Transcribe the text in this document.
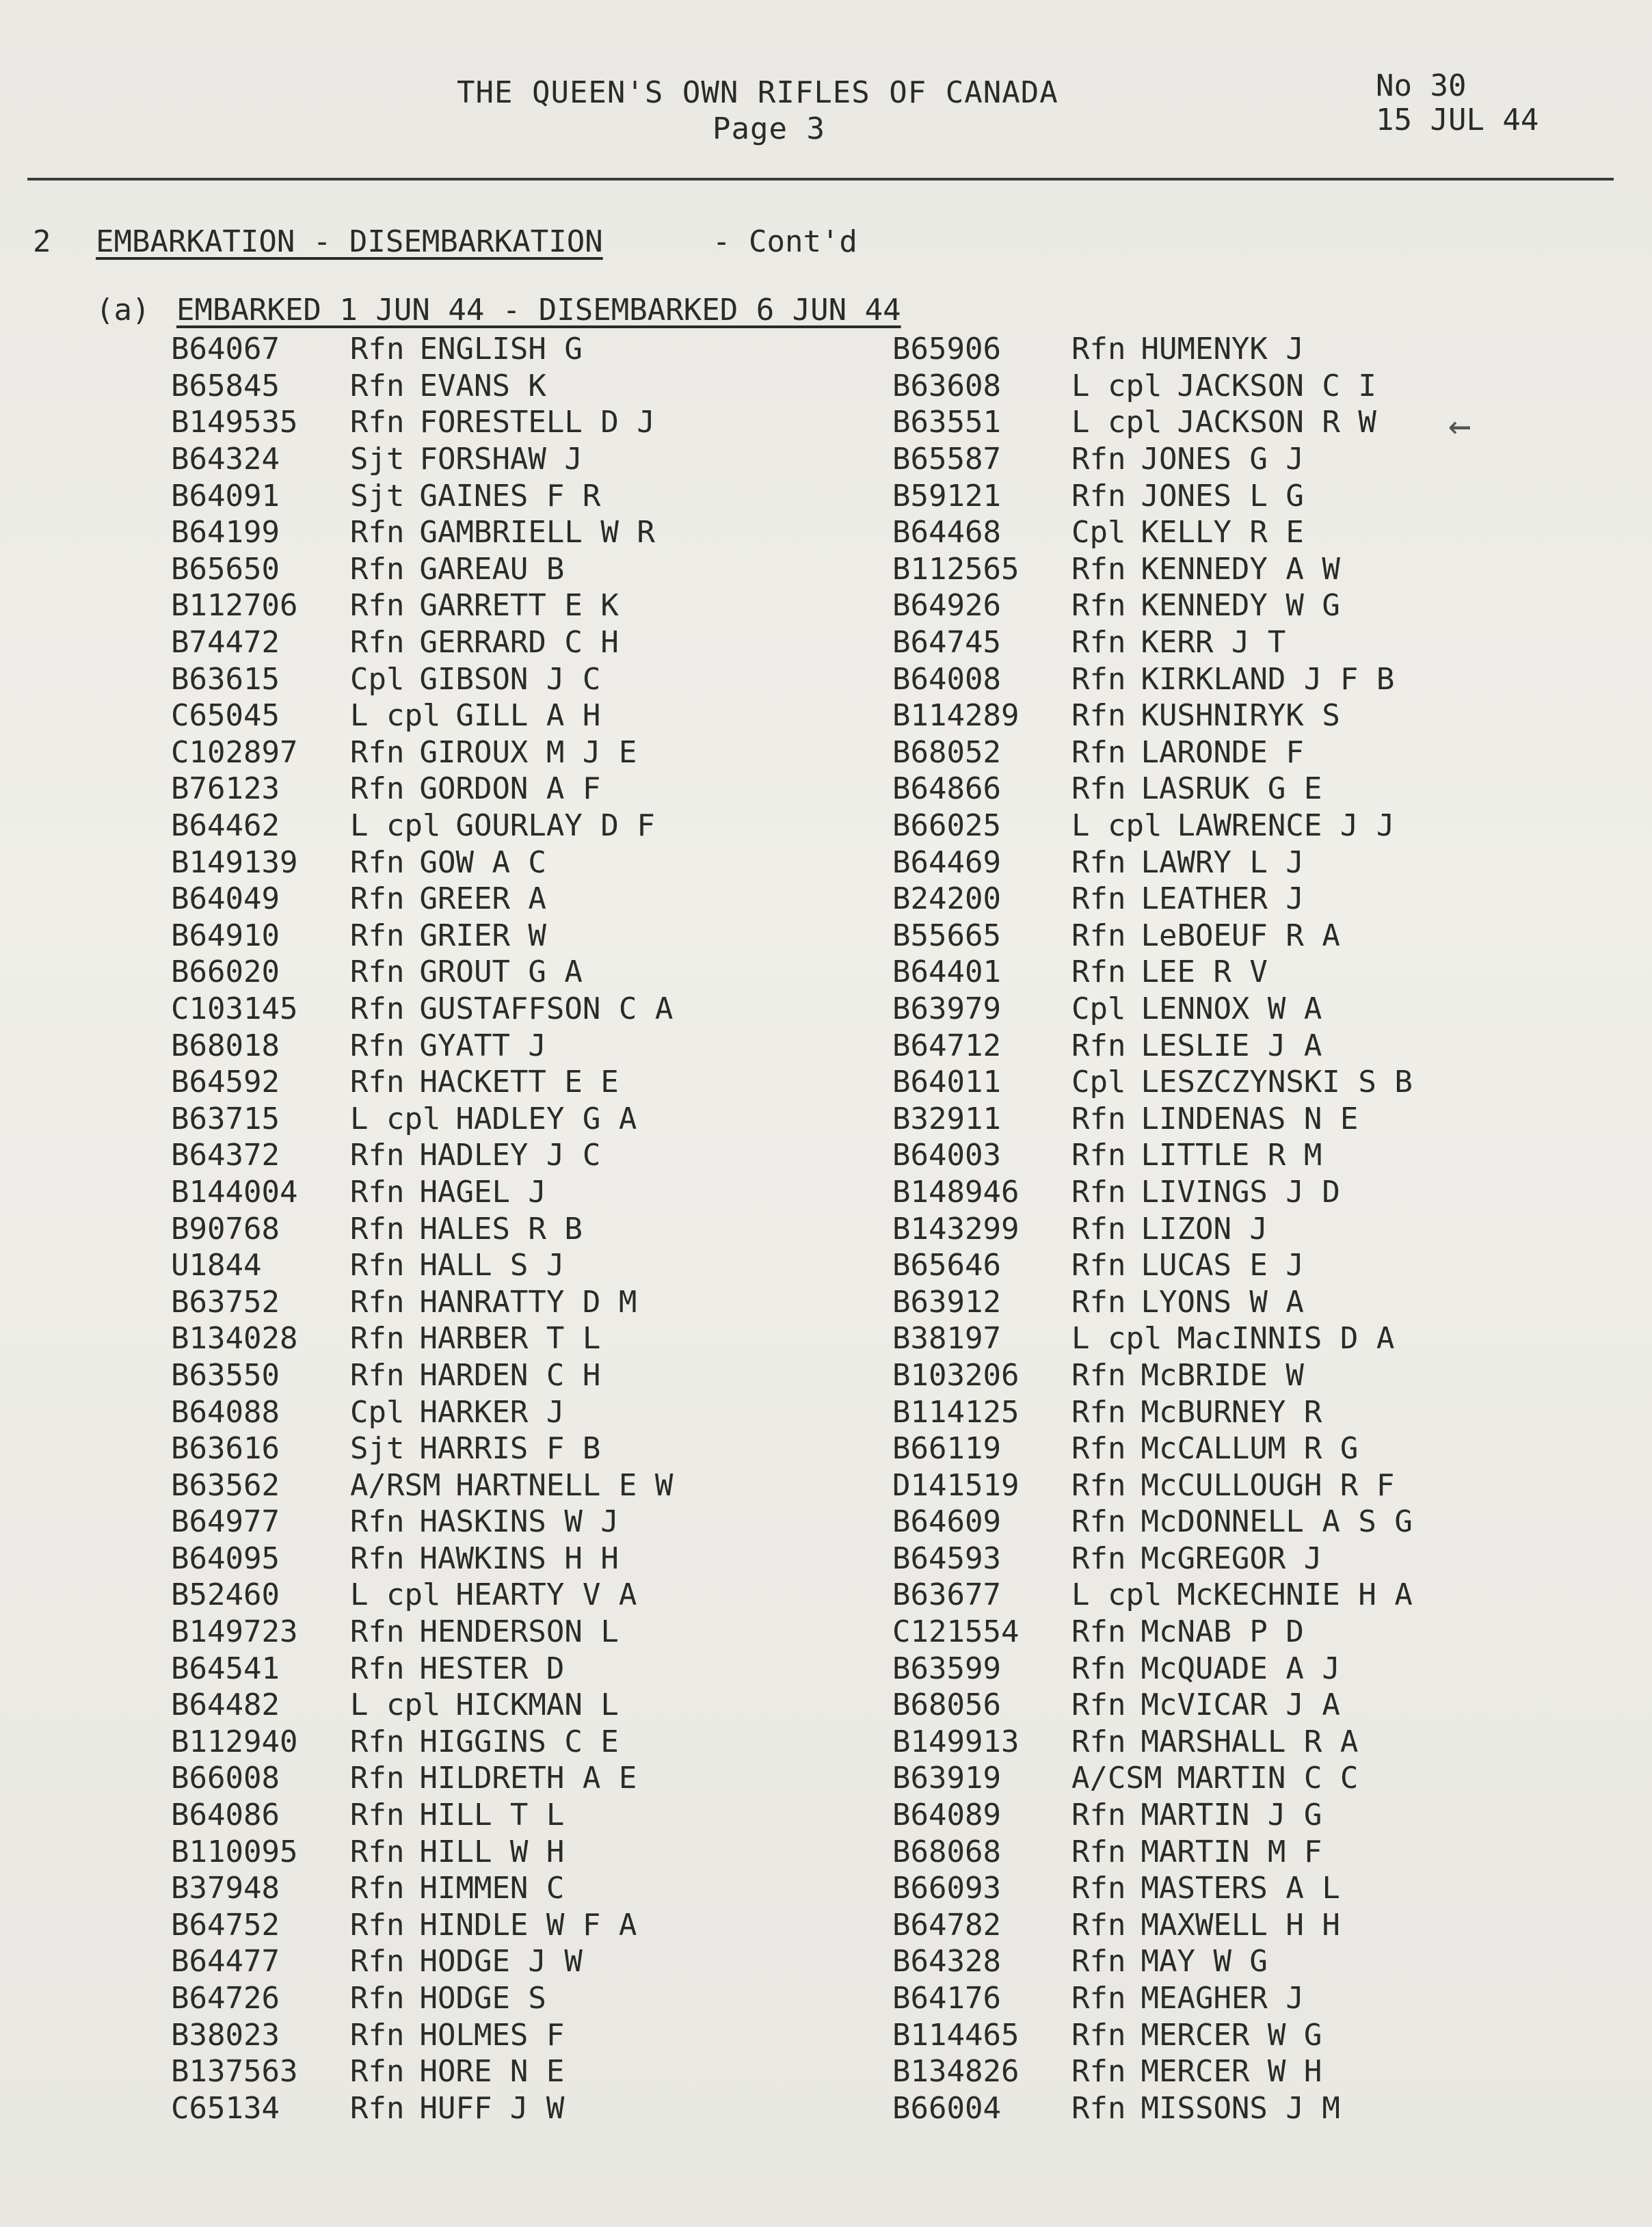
THE QUEEN'S OWN RIFLES OF CANADA
Page 3
No 30
15 JUL 44
2 EMBARKATION - DISEMBARKATION	- Cont'd
(a) EMBARKED 1 JUN 44 - DISEMBARKED 6 JUN 44
B64067	Rfn ENGLISH G
B65845	Rfn EVANS K
B149535	Rfn FORESTELL D J
B64324	Sjt FORSHAW J
B64091	Sjt GAINES F R
B64199	Rfn GAMBRIELL W R
B65650	Rfn GAREAU B
B112706	Rfn GARRETT E K
B74472	Rfn GERRARD C H
B63615	Cpl GIBSON J C
C65045	L cpl GILL A H
C102897	Rfn GIROUX M J E
B76123	Rfn GORDON A F
B64462	L cpl GOURLAY D F
B149139	Rfn GOW A C
B64049	Rfn GREER A
B64910	Rfn GRIER W
B66020	Rfn GROUT G A
C103145	Rfn GUSTAFFSON C A
B68018	Rfn GYATT J
B64592	Rfn HACKETT E E
B63715	L cpl HADLEY G A
B64372	Rfn HADLEY J C
B144004	Rfn HAGEL J
B90768	Rfn HALES R B
U1844	Rfn HALL S J
B63752	Rfn HANRATTY D M
B134028	Rfn HARBER T L
B63550	Rfn HARDEN C H
B64088	Cpl HARKER J
B63616	Sjt HARRIS F B
B63562	A/RSM HARTNELL E W
B64977	Rfn HASKINS W J
B64095	Rfn HAWKINS H H
B52460	L cpl HEARTY V A
B149723	Rfn HENDERSON L
B64541	Rfn HESTER D
B64482	L cpl HICKMAN L
B112940	Rfn HIGGINS C E
B66008	Rfn HILDRETH A E
B64086	Rfn HILL T L
B110095	Rfn HILL W H
B37948	Rfn HIMMEN C
B64752	Rfn HINDLE W F A
B64477	Rfn HODGE J W
B64726	Rfn HODGE S
B38023	Rfn HOLMES F
B137563	Rfn HORE N E
C65134	Rfn HUFF J W
B65906	Rfn HUMENYK J
B63608	L cpl JACKSON C I
B63551	L cpl JACKSON R W
B65587	Rfn JONES G J
B59121	Rfn JONES L G
B64468	Cpl KELLY R E
B112565	Rfn KENNEDY A W
B64926	Rfn KENNEDY W G
B64745	Rfn KERR J T
B64008	Rfn KIRKLAND J F B
B114289	Rfn KUSHNIRYK S
B68052	Rfn LARONDE F
B64866	Rfn LASRUK G E
B66025	L cpl LAWRENCE J J
B64469	Rfn LAWRY L J
B24200	Rfn LEATHER J
B55665	Rfn LeBOEUF R A
B64401	Rfn LEE R V
B63979	Cpl LENNOX W A
B64712	Rfn LESLIE J A
B64011	Cpl LESZCZYNSKI S B
B32911	Rfn LINDENAS N E
B64003	Rfn LITTLE R M
B148946	Rfn LIVINGS J D
B143299	Rfn LIZON J
B65646	Rfn LUCAS E J
B63912	Rfn LYONS W A
B38197	L cpl MacINNIS D A
B103206	Rfn McBRIDE W
B114125	Rfn McBURNEY R
B66119	Rfn McCALLUM R G
D141519	Rfn McCULLOUGH R F
B64609	Rfn McDONNELL A S G
B64593	Rfn McGREGOR J
B63677	L cpl McKECHNIE H A
C121554	Rfn McNAB P D
B63599	Rfn McQUADE A J
B68056	Rfn McVICAR J A
B149913	Rfn MARSHALL R A
B63919	A/CSM MARTIN C C
B64089	Rfn MARTIN J G
B68068	Rfn MARTIN M F
B66093	Rfn MASTERS A L
B64782	Rfn MAXWELL H H
B64328	Rfn MAY W G
B64176	Rfn MEAGHER J
B114465	Rfn MERCER W G
B134826	Rfn MERCER W H
B66004	Rfn MISSONS J M
←
